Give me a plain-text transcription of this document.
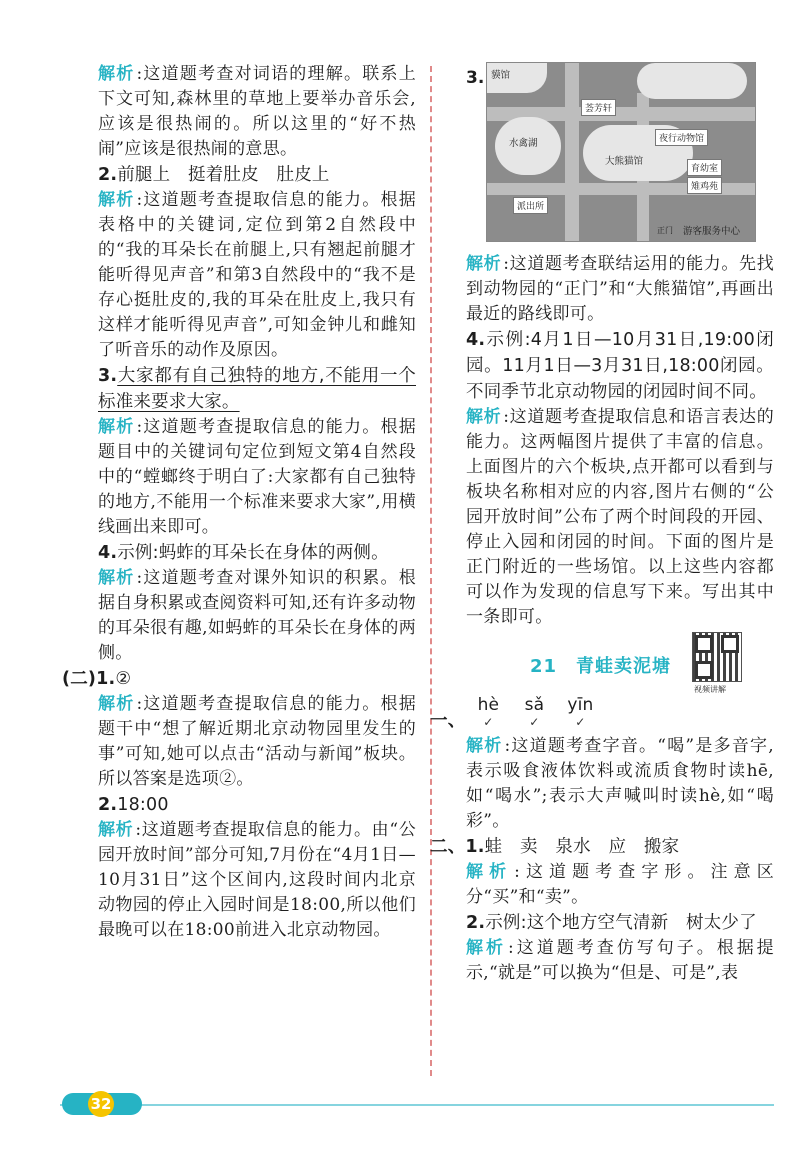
解析 :这道题考查对词语的理解。联系上下文可知,森林里的草地上要举办音乐会,应该是很热闹的。所以这里的“好不热闹”应该是很热闹的意思。

2.前腿上　挺着肚皮　肚皮上

解析 :这道题考查提取信息的能力。根据表格中的关键词,定位到第2自然段中的“我的耳朵长在前腿上,只有翘起前腿才能听得见声音”和第3自然段中的“我不是存心挺肚皮的,我的耳朵在肚皮上,我只有这样才能听得见声音”,可知金钟儿和雌知了听音乐的动作及原因。

3.大家都有自己独特的地方,不能用一个标准来要求大家。

解析 :这道题考查提取信息的能力。根据题目中的关键词句定位到短文第4自然段中的“螳螂终于明白了:大家都有自己独特的地方,不能用一个标准来要求大家”,用横线画出来即可。

4.示例:蚂蚱的耳朵长在身体的两侧。

解析 :这道题考查对课外知识的积累。根据自身积累或查阅资料可知,还有许多动物的耳朵很有趣,如蚂蚱的耳朵长在身体的两侧。

(二)1.②

解析 :这道题考查提取信息的能力。根据题干中“想了解近期北京动物园里发生的事”可知,她可以点击“活动与新闻”板块。所以答案是选项②。

2.18:00

解析 :这道题考查提取信息的能力。由“公园开放时间”部分可知,7月份在“4月1日—10月31日”这个区间内,这段时间内北京动物园的停止入园时间是18:00,所以他们最晚可以在18:00前进入北京动物园。

3. 貘馆
荟芳轩
水禽湖	夜行动物馆
大熊猫馆
育幼室
雉鸡苑
派出所
游客服务中心
正门

解析 :这道题考查联结运用的能力。先找到动物园的“正门”和“大熊猫馆”,再画出最近的路线即可。

4.示例:4月1日—10月31日,19:00闭园。11月1日—3月31日,18:00闭园。不同季节北京动物园的闭园时间不同。

解析 :这道题考查提取信息和语言表达的能力。这两幅图片提供了丰富的信息。上面图片的六个板块,点开都可以看到与板块名称相对应的内容,图片右侧的“公园开放时间”公布了两个时间段的开园、停止入园和闭园的时间。下面的图片是正门附近的一些场馆。以上这些内容都可以作为发现的信息写下来。写出其中一条即可。

21　青蛙卖泥塘
视频讲解

一、hè
✓
sǎ
✓
yīn
✓

解析 :这道题考查字音。“喝”是多音字,表示吸食液体饮料或流质食物时读hē,如“喝水”;表示大声喊叫时读hè,如“喝彩”。

二、1.蛙　卖　泉水　应　搬家

解析 :这道题考查字形。注意区分“买”和“卖”。

2.示例:这个地方空气清新　树太少了

解析 :这道题考查仿写句子。根据提示,“就是”可以换为“但是、可是”,表

32
